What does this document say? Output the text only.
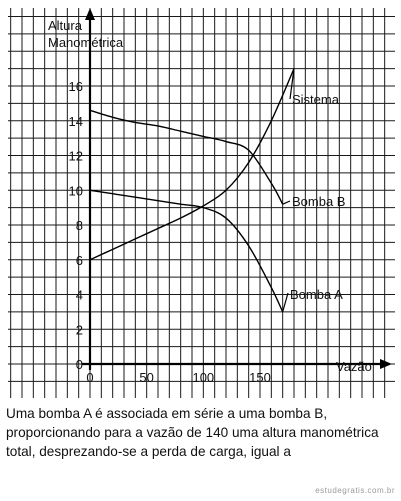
0
2
4
6
8
10
12
14
16
0	50	100	150
Sistema
Bomba B
Bomba A
Altura
Manométrica
Vazão

Uma bomba A é associada em série a uma bomba B, proporcionando para a vazão de 140 uma altura manométrica total, desprezando-se a perda de carga, igual a

estudegratis.com.br
